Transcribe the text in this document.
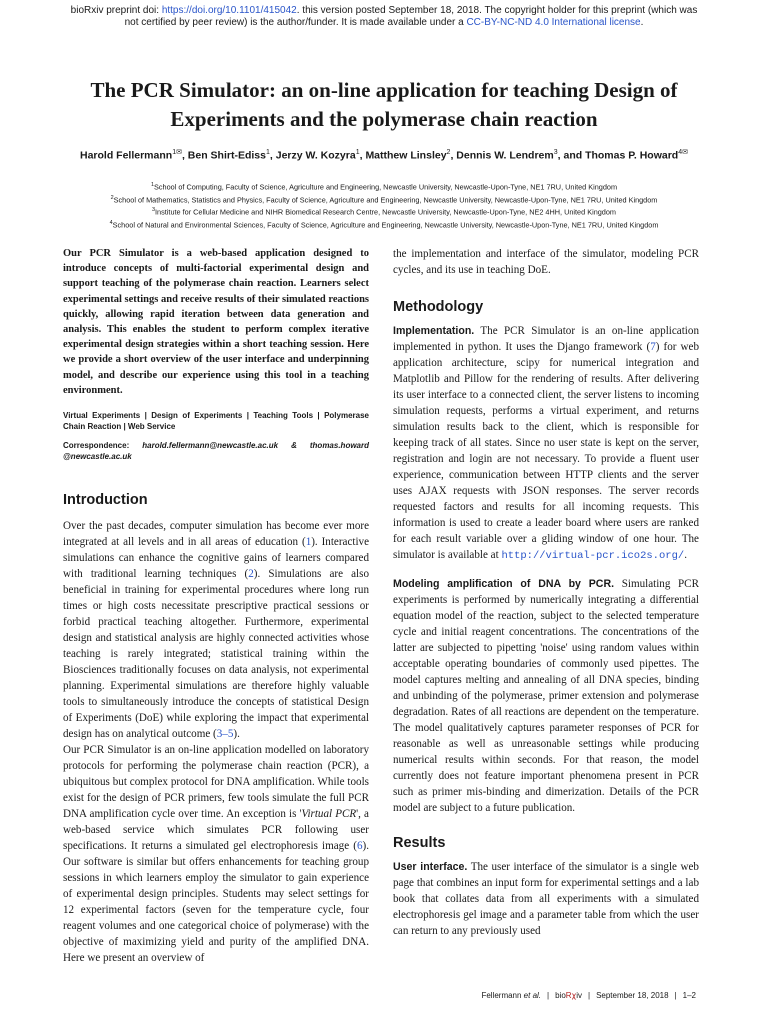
bioRxiv preprint doi: https://doi.org/10.1101/415042. this version posted September 18, 2018. The copyright holder for this preprint (which was
not certified by peer review) is the author/funder. It is made available under a CC-BY-NC-ND 4.0 International license.
The PCR Simulator: an on-line application for teaching Design of Experiments and the polymerase chain reaction
Harold Fellermann$^{1✉}$, Ben Shirt-Ediss$^1$, Jerzy W. Kozyra$^1$, Matthew Linsley$^2$, Dennis W. Lendrem$^3$, and Thomas P. Howard$^{4✉}$
$^1$School of Computing, Faculty of Science, Agriculture and Engineering, Newcastle University, Newcastle-Upon-Tyne, NE1 7RU, United Kingdom
$^2$School of Mathematics, Statistics and Physics, Faculty of Science, Agriculture and Engineering, Newcastle University, Newcastle-Upon-Tyne, NE1 7RU, United Kingdom
$^3$Institute for Cellular Medicine and NIHR Biomedical Research Centre, Newcastle University, Newcastle-Upon-Tyne, NE2 4HH, United Kingdom
$^4$School of Natural and Environmental Sciences, Faculty of Science, Agriculture and Engineering, Newcastle University, Newcastle-Upon-Tyne, NE1 7RU, United Kingdom

Our PCR Simulator is a web-based application designed to introduce concepts of multi-factorial experimental design and support teaching of the polymerase chain reaction. Learners select experimental settings and receive results of their simulated reactions quickly, allowing rapid iteration between data generation and analysis. This enables the student to perform complex iterative experimental design strategies within a short teaching session. Here we provide a short overview of the user interface and underpinning model, and describe our experience using this tool in a teaching environment.

Virtual Experiments | Design of Experiments | Teaching Tools | Polymerase Chain Reaction | Web Service
Correspondence: harold.fellermann@newcastle.ac.uk & thomas.howard @newcastle.ac.uk
Introduction

Over the past decades, computer simulation has become ever more integrated at all levels and in all areas of education (1). Interactive simulations can enhance the cognitive gains of learners compared with traditional learning techniques (2). Simulations are also beneficial in training for experimental procedures where long run times or high costs necessitate prescriptive practical sessions or forbid practical teaching altogether. Furthermore, experimental design and statistical analysis are highly connected activities whose teaching is rarely integrated; statistical training within the Biosciences traditionally focuses on data analysis, not experimental planning. Experimental simulations are therefore highly valuable tools to simultaneously introduce the concepts of statistical Design of Experiments (DoE) while exploring the impact that experimental design has on analytical outcome (3–5).

Our PCR Simulator is an on-line application modelled on laboratory protocols for performing the polymerase chain reaction (PCR), a ubiquitous but complex protocol for DNA amplification. While tools exist for the design of PCR primers, few tools simulate the full PCR DNA amplification cycle over time. An exception is 'Virtual PCR', a web-based service which simulates PCR following user specifications. It returns a simulated gel electrophoresis image (6). Our software is similar but offers enhancements for teaching group sessions in which learners employ the simulator to gain experience of experimental design principles. Students may select settings for 12 experimental factors (seven for the temperature cycle, four reagent volumes and one categorical choice of polymerase) with the objective of maximizing yield and purity of the amplified DNA. Here we present an overview of

the implementation and interface of the simulator, modeling PCR cycles, and its use in teaching DoE.

Methodology

Implementation. The PCR Simulator is an on-line application implemented in python. It uses the Django framework (7) for web application architecture, scipy for numerical integration and Matplotlib and Pillow for the rendering of results. After delivering its user interface to a connected client, the server listens to incoming simulation requests, performs a virtual experiment, and returns simulation results back to the client, which is responsible for keeping track of all states. Since no user state is kept on the server, registration and login are not necessary. To provide a fluent user experience, communication between HTTP clients and the server uses AJAX requests with JSON responses. The server records requested factors and results for all incoming requests. This information is used to create a leader board where users are ranked for each result variable over a gliding window of one hour. The simulator is available at http://virtual-pcr.ico2s.org/.

Modeling amplification of DNA by PCR. Simulating PCR experiments is performed by numerically integrating a differential equation model of the reaction, subject to the selected temperature cycle and initial reagent concentrations. The concentrations of the latter are subjected to pipetting 'noise' using random values within acceptable operating boundaries of commonly used pipettes. The model captures melting and annealing of all DNA species, binding and unbinding of the polymerase, primer extension and polymerase degradation. Rates of all reactions are dependent on the temperature. The model qualitatively captures parameter responses of PCR for reasonable as well as unreasonable settings while producing numerical results within seconds. For that reason, the model currently does not feature important phenomena present in PCR such as primer mis-binding and dimerization. Details of the PCR model are subject to a future publication.

Results

User interface. The user interface of the simulator is a single web page that combines an input form for experimental settings and a lab book that collates data from all experiments with a simulated electrophoresis gel image and a parameter table from which the user can return to any previously used

Fellermann et al. | bioRχiv | September 18, 2018 | 1–2
